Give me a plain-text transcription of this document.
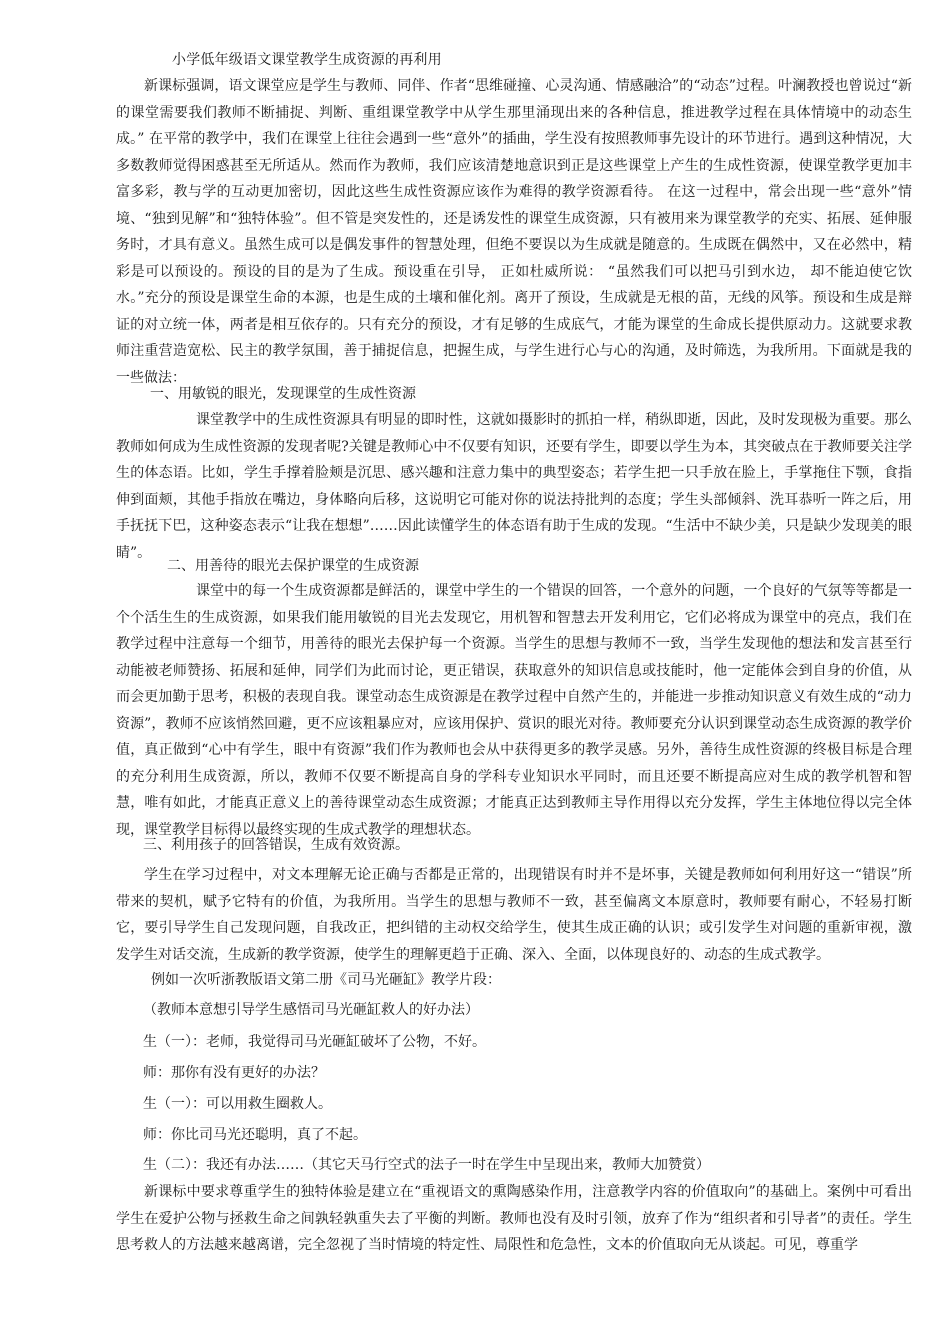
小学低年级语文课堂教学生成资源的再利用

新课标强调，语文课堂应是学生与教师、同伴、作者“思维碰撞、心灵沟通、情感融洽”的“动态”过程。叶澜教授也曾说过“新的课堂需要我们教师不断捕捉、判断、重组课堂教学中从学生那里涌现出来的各种信息，推进教学过程在具体情境中的动态生成。” 在平常的教学中，我们在课堂上往往会遇到一些“意外”的插曲，学生没有按照教师事先设计的环节进行。遇到这种情况，大多数教师觉得困惑甚至无所适从。然而作为教师，我们应该清楚地意识到正是这些课堂上产生的生成性资源，使课堂教学更加丰富多彩，教与学的互动更加密切，因此这些生成性资源应该作为难得的教学资源看待。 在这一过程中，常会出现一些“意外”情境、“独到见解”和“独特体验”。但不管是突发性的，还是诱发性的课堂生成资源，只有被用来为课堂教学的充实、拓展、延伸服务时，才具有意义。虽然生成可以是偶发事件的智慧处理，但绝不要误以为生成就是随意的。生成既在偶然中，又在必然中，精彩是可以预设的。预设的目的是为了生成。预设重在引导， 正如杜威所说： “虽然我们可以把马引到水边， 却不能迫使它饮水。”充分的预设是课堂生命的本源，也是生成的土壤和催化剂。离开了预设，生成就是无根的苗，无线的风筝。预设和生成是辩证的对立统一体，两者是相互依存的。只有充分的预设，才有足够的生成底气，才能为课堂的生命成长提供原动力。这就要求教师注重营造宽松、民主的教学氛围，善于捕捉信息，把握生成，与学生进行心与心的沟通，及时筛选，为我所用。下面就是我的一些做法：

一、用敏锐的眼光，发现课堂的生成性资源

课堂教学中的生成性资源具有明显的即时性，这就如摄影时的抓拍一样，稍纵即逝，因此，及时发现极为重要。那么教师如何成为生成性资源的发现者呢?关键是教师心中不仅要有知识，还要有学生，即要以学生为本，其突破点在于教师要关注学生的体态语。比如，学生手撑着脸颊是沉思、感兴趣和注意力集中的典型姿态；若学生把一只手放在脸上，手掌拖住下颚，食指伸到面颊，其他手指放在嘴边，身体略向后移，这说明它可能对你的说法持批判的态度；学生头部倾斜、洗耳恭听一阵之后，用手抚抚下巴，这种姿态表示“让我在想想”……因此读懂学生的体态语有助于生成的发现。“生活中不缺少美，只是缺少发现美的眼睛”。

二、用善待的眼光去保护课堂的生成资源

课堂中的每一个生成资源都是鲜活的，课堂中学生的一个错误的回答，一个意外的问题，一个良好的气氛等等都是一个个活生生的生成资源，如果我们能用敏锐的目光去发现它，用机智和智慧去开发利用它，它们必将成为课堂中的亮点，我们在教学过程中注意每一个细节，用善待的眼光去保护每一个资源。当学生的思想与教师不一致，当学生发现他的想法和发言甚至行动能被老师赞扬、拓展和延伸，同学们为此而讨论，更正错误，获取意外的知识信息或技能时，他一定能体会到自身的价值，从而会更加勤于思考，积极的表现自我。课堂动态生成资源是在教学过程中自然产生的，并能进一步推动知识意义有效生成的“动力资源”，教师不应该悄然回避，更不应该粗暴应对，应该用保护、赏识的眼光对待。教师要充分认识到课堂动态生成资源的教学价值，真正做到“心中有学生，眼中有资源”我们作为教师也会从中获得更多的教学灵感。另外，善待生成性资源的终极目标是合理的充分利用生成资源，所以，教师不仅要不断提高自身的学科专业知识水平同时，而且还要不断提高应对生成的教学机智和智慧，唯有如此，才能真正意义上的善待课堂动态生成资源；才能真正达到教师主导作用得以充分发挥，学生主体地位得以完全体现，课堂教学目标得以最终实现的生成式教学的理想状态。

三、利用孩子的回答错误，生成有效资源。

学生在学习过程中，对文本理解无论正确与否都是正常的，出现错误有时并不是坏事，关键是教师如何利用好这一“错误”所带来的契机，赋予它特有的价值，为我所用。当学生的思想与教师不一致，甚至偏离文本原意时，教师要有耐心，不轻易打断它，要引导学生自己发现问题，自我改正，把纠错的主动权交给学生，使其生成正确的认识；或引发学生对问题的重新审视，激发学生对话交流，生成新的教学资源，使学生的理解更趋于正确、深入、全面，以体现良好的、动态的生成式教学。

例如一次听浙教版语文第二册《司马光砸缸》教学片段：

（教师本意想引导学生感悟司马光砸缸救人的好办法）

生（一）：老师，我觉得司马光砸缸破坏了公物，不好。

师：那你有没有更好的办法？

生（一）：可以用救生圈救人。

师：你比司马光还聪明，真了不起。

生（二）：我还有办法……（其它天马行空式的法子一时在学生中呈现出来，教师大加赞赏）

新课标中要求尊重学生的独特体验是建立在“重视语文的熏陶感染作用，注意教学内容的价值取向”的基础上。案例中可看出学生在爱护公物与拯救生命之间孰轻孰重失去了平衡的判断。教师也没有及时引领，放弃了作为“组织者和引导者”的责任。学生思考救人的方法越来越离谱，完全忽视了当时情境的特定性、局限性和危急性，文本的价值取向无从谈起。可见，尊重学
